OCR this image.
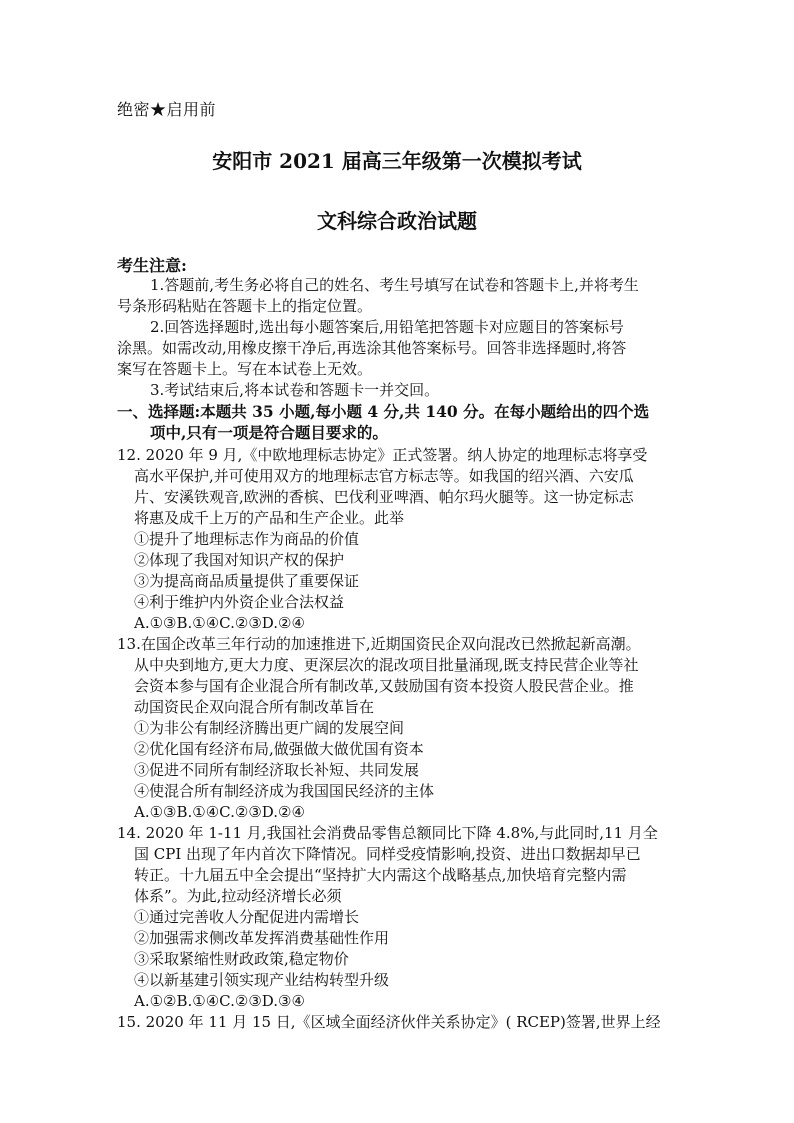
绝密★启用前
安阳市 2021 届高三年级第一次模拟考试
文科综合政治试题
考生注意:
1.答题前,考生务必将自己的姓名、考生号填写在试卷和答题卡上,并将考生
号条形码粘贴在答题卡上的指定位置。
2.回答选择题时,选出每小题答案后,用铅笔把答题卡对应题目的答案标号
涂黑。如需改动,用橡皮擦干净后,再选涂其他答案标号。回答非选择题时,将答
案写在答题卡上。写在本试卷上无效。
3.考试结束后,将本试卷和答题卡一并交回。
一、选择题:本题共 35 小题,每小题 4 分,共 140 分。在每小题给出的四个选
项中,只有一项是符合题目要求的。
12. 2020 年 9 月,《中欧地理标志协定》正式签署。纳人协定的地理标志将享受
高水平保护,并可使用双方的地理标志官方标志等。如我国的绍兴酒、六安瓜
片、安溪铁观音,欧洲的香槟、巴伐利亚啤酒、帕尔玛火腿等。这一协定标志
将惠及成千上万的产品和生产企业。此举
①提升了地理标志作为商品的价值
②体现了我国对知识产权的保护
③为提高商品质量提供了重要保证
④利于维护内外资企业合法权益
A.①③B.①④C.②③D.②④
13.在国企改革三年行动的加速推进下,近期国资民企双向混改已然掀起新高潮。
从中央到地方,更大力度、更深层次的混改项目批量涌现,既支持民营企业等社
会资本参与国有企业混合所有制改革,又鼓励国有资本投资人股民营企业。推
动国资民企双向混合所有制改革旨在
①为非公有制经济腾出更广阔的发展空间
②优化国有经济布局,做强做大做优国有资本
③促进不同所有制经济取长补短、共同发展
④使混合所有制经济成为我国国民经济的主体
A.①③B.①④C.②③D.②④
14. 2020 年 1-11 月,我国社会消费品零售总额同比下降 4.8%,与此同时,11 月全
国 CPI 出现了年内首次下降情况。同样受疫情影响,投资、进出口数据却早已
转正。十九届五中全会提出“坚持扩大内需这个战略基点,加快培育完整内需
体系”。为此,拉动经济增长必须
①通过完善收人分配促进内需增长
②加强需求侧改革发挥消费基础性作用
③采取紧缩性财政政策,稳定物价
④以新基建引领实现产业结构转型升级
A.①②B.①④C.②③D.③④
15. 2020 年 11 月 15 日,《区域全面经济伙伴关系协定》( RCEP)签署,世界上经
